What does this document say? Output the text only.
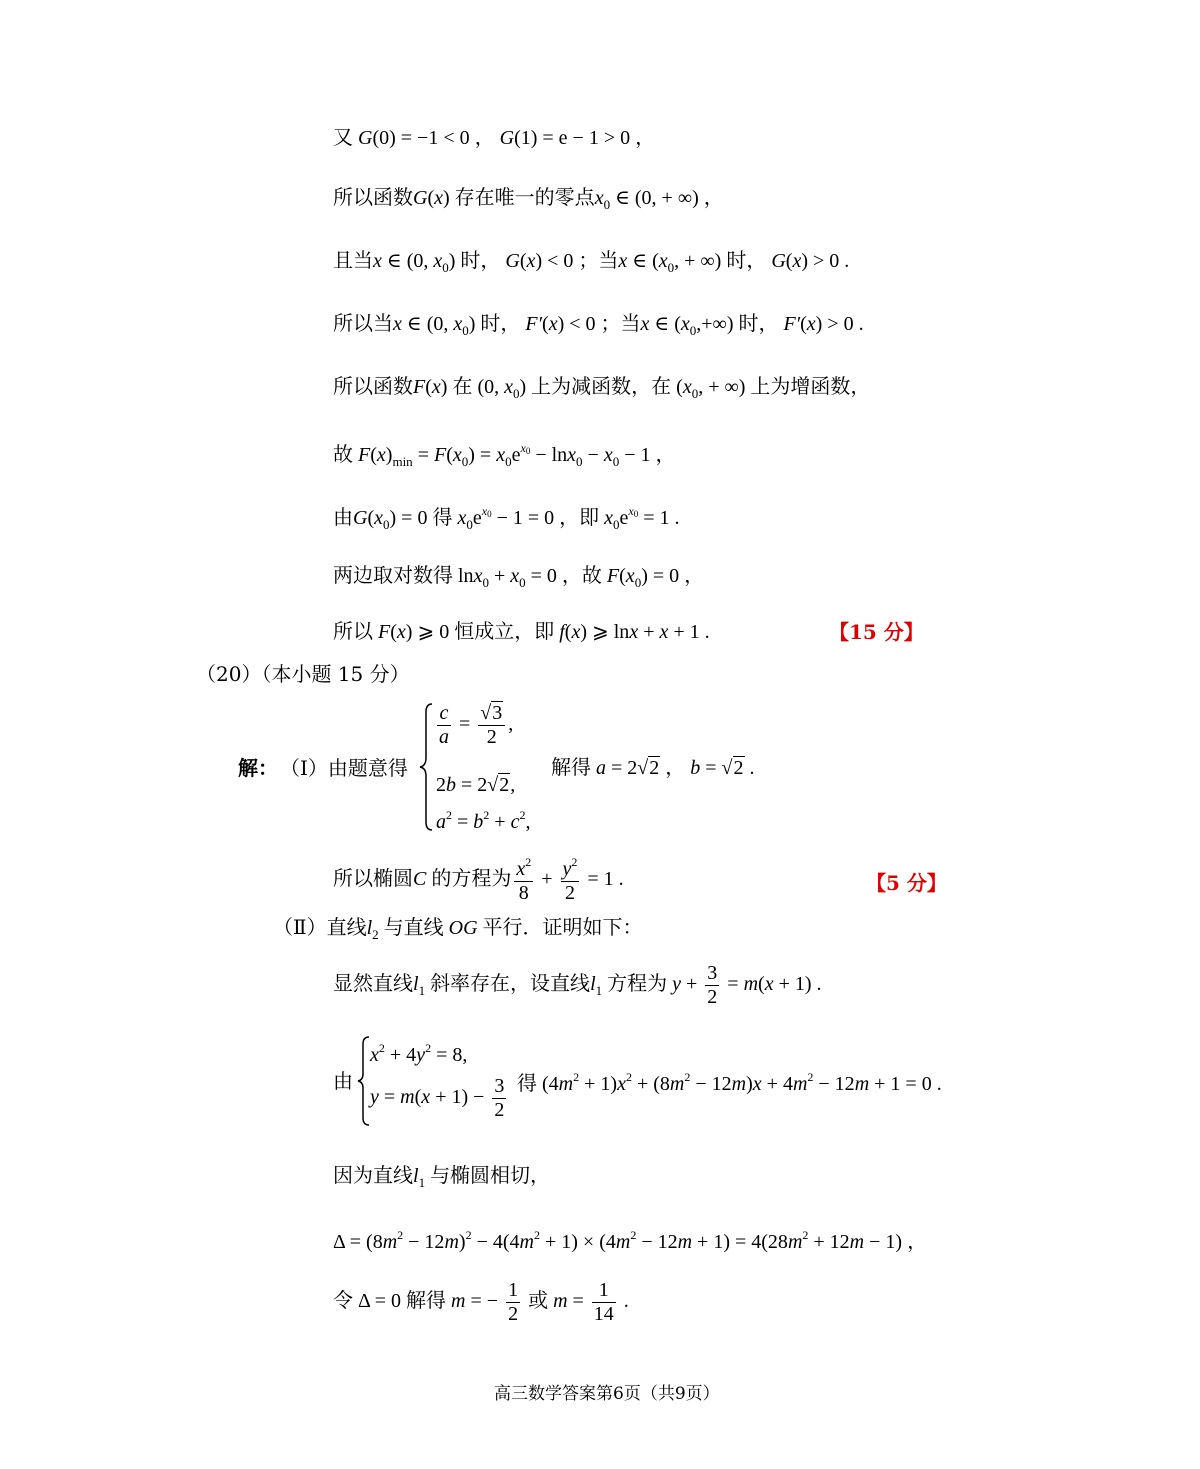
又 G(0) = −1 < 0 ， G(1) = e − 1 > 0 ，
所以函数G(x) 存在唯一的零点$x_0$ ∈ (0, + ∞) ，
且当x ∈ (0, $x_0$) 时， G(x) < 0 ；当x ∈ ($x_0$, + ∞) 时， G(x) > 0 .
所以当x ∈ (0, $x_0$) 时， F′(x) < 0 ；当x ∈ $(x_0,+\infty)$ 时， F′(x) > 0 .
所以函数F(x) 在 (0, $x_0$) 上为减函数，在 ($x_0$, + ∞) 上为增函数，
故 $F(x)_{min} = F(x_0) = x_0e^{x0} - \ln x_0 - x_0 - 1$ ，
由$G(x_0) = 0$ 得 $x_0e^{x0} - 1 = 0$ ，即 $x_0e^{x0} = 1$ .
两边取对数得 $\ln x_0 + x_0 = 0$ ，故 $F(x_0) = 0$ ，
所以 F(x) ⩾ 0 恒成立，即 f(x) ⩾ lnx + x + 1 .	【15 分】
（20）（本小题 15 分）
解： （Ⅰ）由题意得
$\frac{c}{a} = \frac{√3}{2}$ ,
2b = 2√2,
$a^2 = b^2 + c^2$,
解得 a = 2√2 ， b = √2 .
所以椭圆C 的方程为 $\frac{x^2}{8} + \frac{y^2}{2} = 1$ .	【5 分】
（Ⅱ）直线$l_2$ 与直线 OG 平行．证明如下：
显然直线$l_1$ 斜率存在，设直线$l_1$ 方程为 $y + \frac{3}{2} = m(x + 1)$ .
由
$x^2 + 4y^2 = 8$,
$y = m(x + 1) - \frac{3}{2}$ 得 $(4m^2 + 1)x^2 + (8m^2 - 12m)x + 4m^2 - 12m + 1 = 0$ .
因为直线$l_1$ 与椭圆相切，
$\Delta = (8m^2 - 12m)^2 - 4(4m^2 + 1) \times (4m^2 - 12m + 1) = 4(28m^2 + 12m - 1)$ ，
令 Δ = 0 解得 m = − $\frac{1}{2}$ 或 $m = \frac{1}{14}$ .
高三数学答案第6页（共9页）
